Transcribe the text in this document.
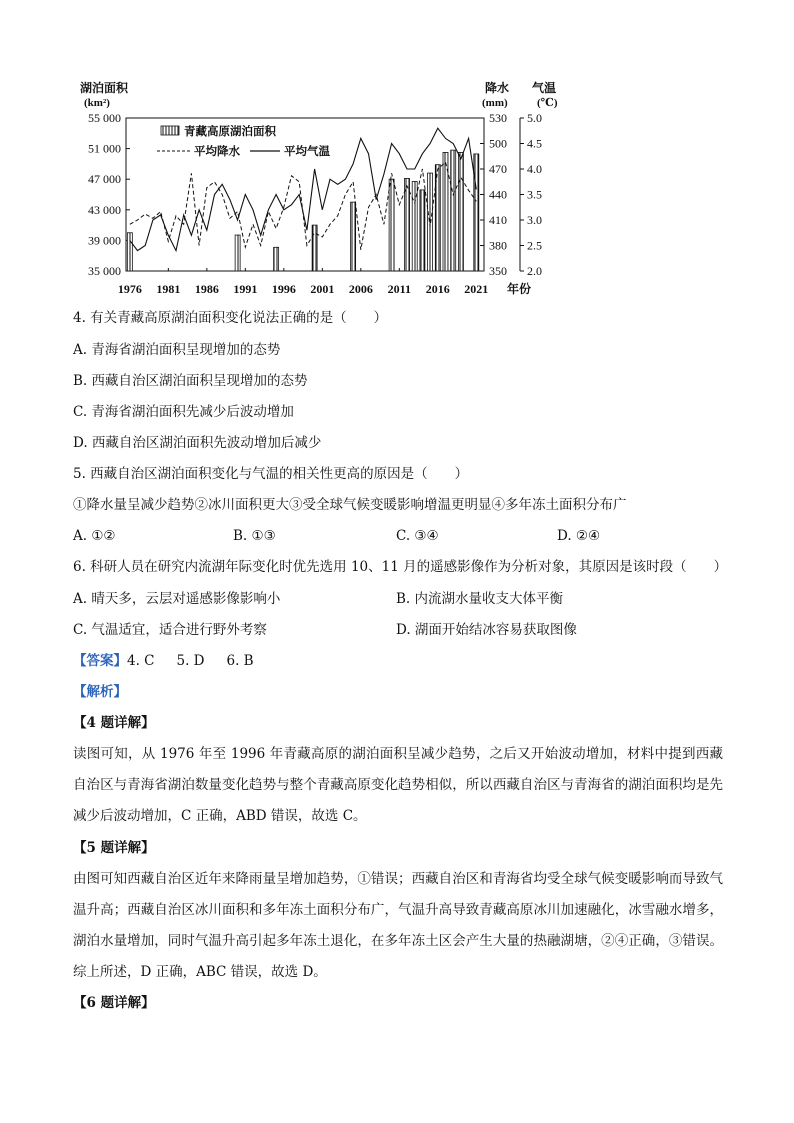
湖泊面积
(km²)
降水
(mm)
气温
(℃)
年份
55 000
51 000
47 000
43 000
39 000
35 000
530
500
470
440
410
380
350
5.0
4.5
4.0
3.5
3.0
2.5
2.0
1976 1981 1986 1991 1996 2001 2006 2011 2016 2021
青藏高原湖泊面积
平均降水	平均气温
4. 有关青藏高原湖泊面积变化说法正确的是（　　）
A. 青海省湖泊面积呈现增加的态势
B. 西藏自治区湖泊面积呈现增加的态势
C. 青海省湖泊面积先减少后波动增加
D. 西藏自治区湖泊面积先波动增加后减少
5. 西藏自治区湖泊面积变化与气温的相关性更高的原因是（　　）
①降水量呈减少趋势②冰川面积更大③受全球气候变暖影响增温更明显④多年冻土面积分布广
A. ①②	B. ①③	C. ③④	D. ②④
6. 科研人员在研究内流湖年际变化时优先选用 10、11 月的遥感影像作为分析对象，其原因是该时段（　　）
A. 晴天多，云层对遥感影像影响小	B. 内流湖水量收支大体平衡
C. 气温适宜，适合进行野外考察	D. 湖面开始结冰容易获取图像
【答案】4. C 5. D 6. B
【解析】
【4 题详解】
读图可知，从 1976 年至 1996 年青藏高原的湖泊面积呈减少趋势，之后又开始波动增加，材料中提到西藏自治区与青海省湖泊数量变化趋势与整个青藏高原变化趋势相似，所以西藏自治区与青海省的湖泊面积均是先减少后波动增加，C 正确，ABD 错误，故选 C。
【5 题详解】
由图可知西藏自治区近年来降雨量呈增加趋势，①错误；西藏自治区和青海省均受全球气候变暖影响而导致气温升高；西藏自治区冰川面积和多年冻土面积分布广，气温升高导致青藏高原冰川加速融化，冰雪融水增多，湖泊水量增加，同时气温升高引起多年冻土退化，在多年冻土区会产生大量的热融湖塘，②④正确，③错误。综上所述，D 正确，ABC 错误，故选 D。
【6 题详解】
